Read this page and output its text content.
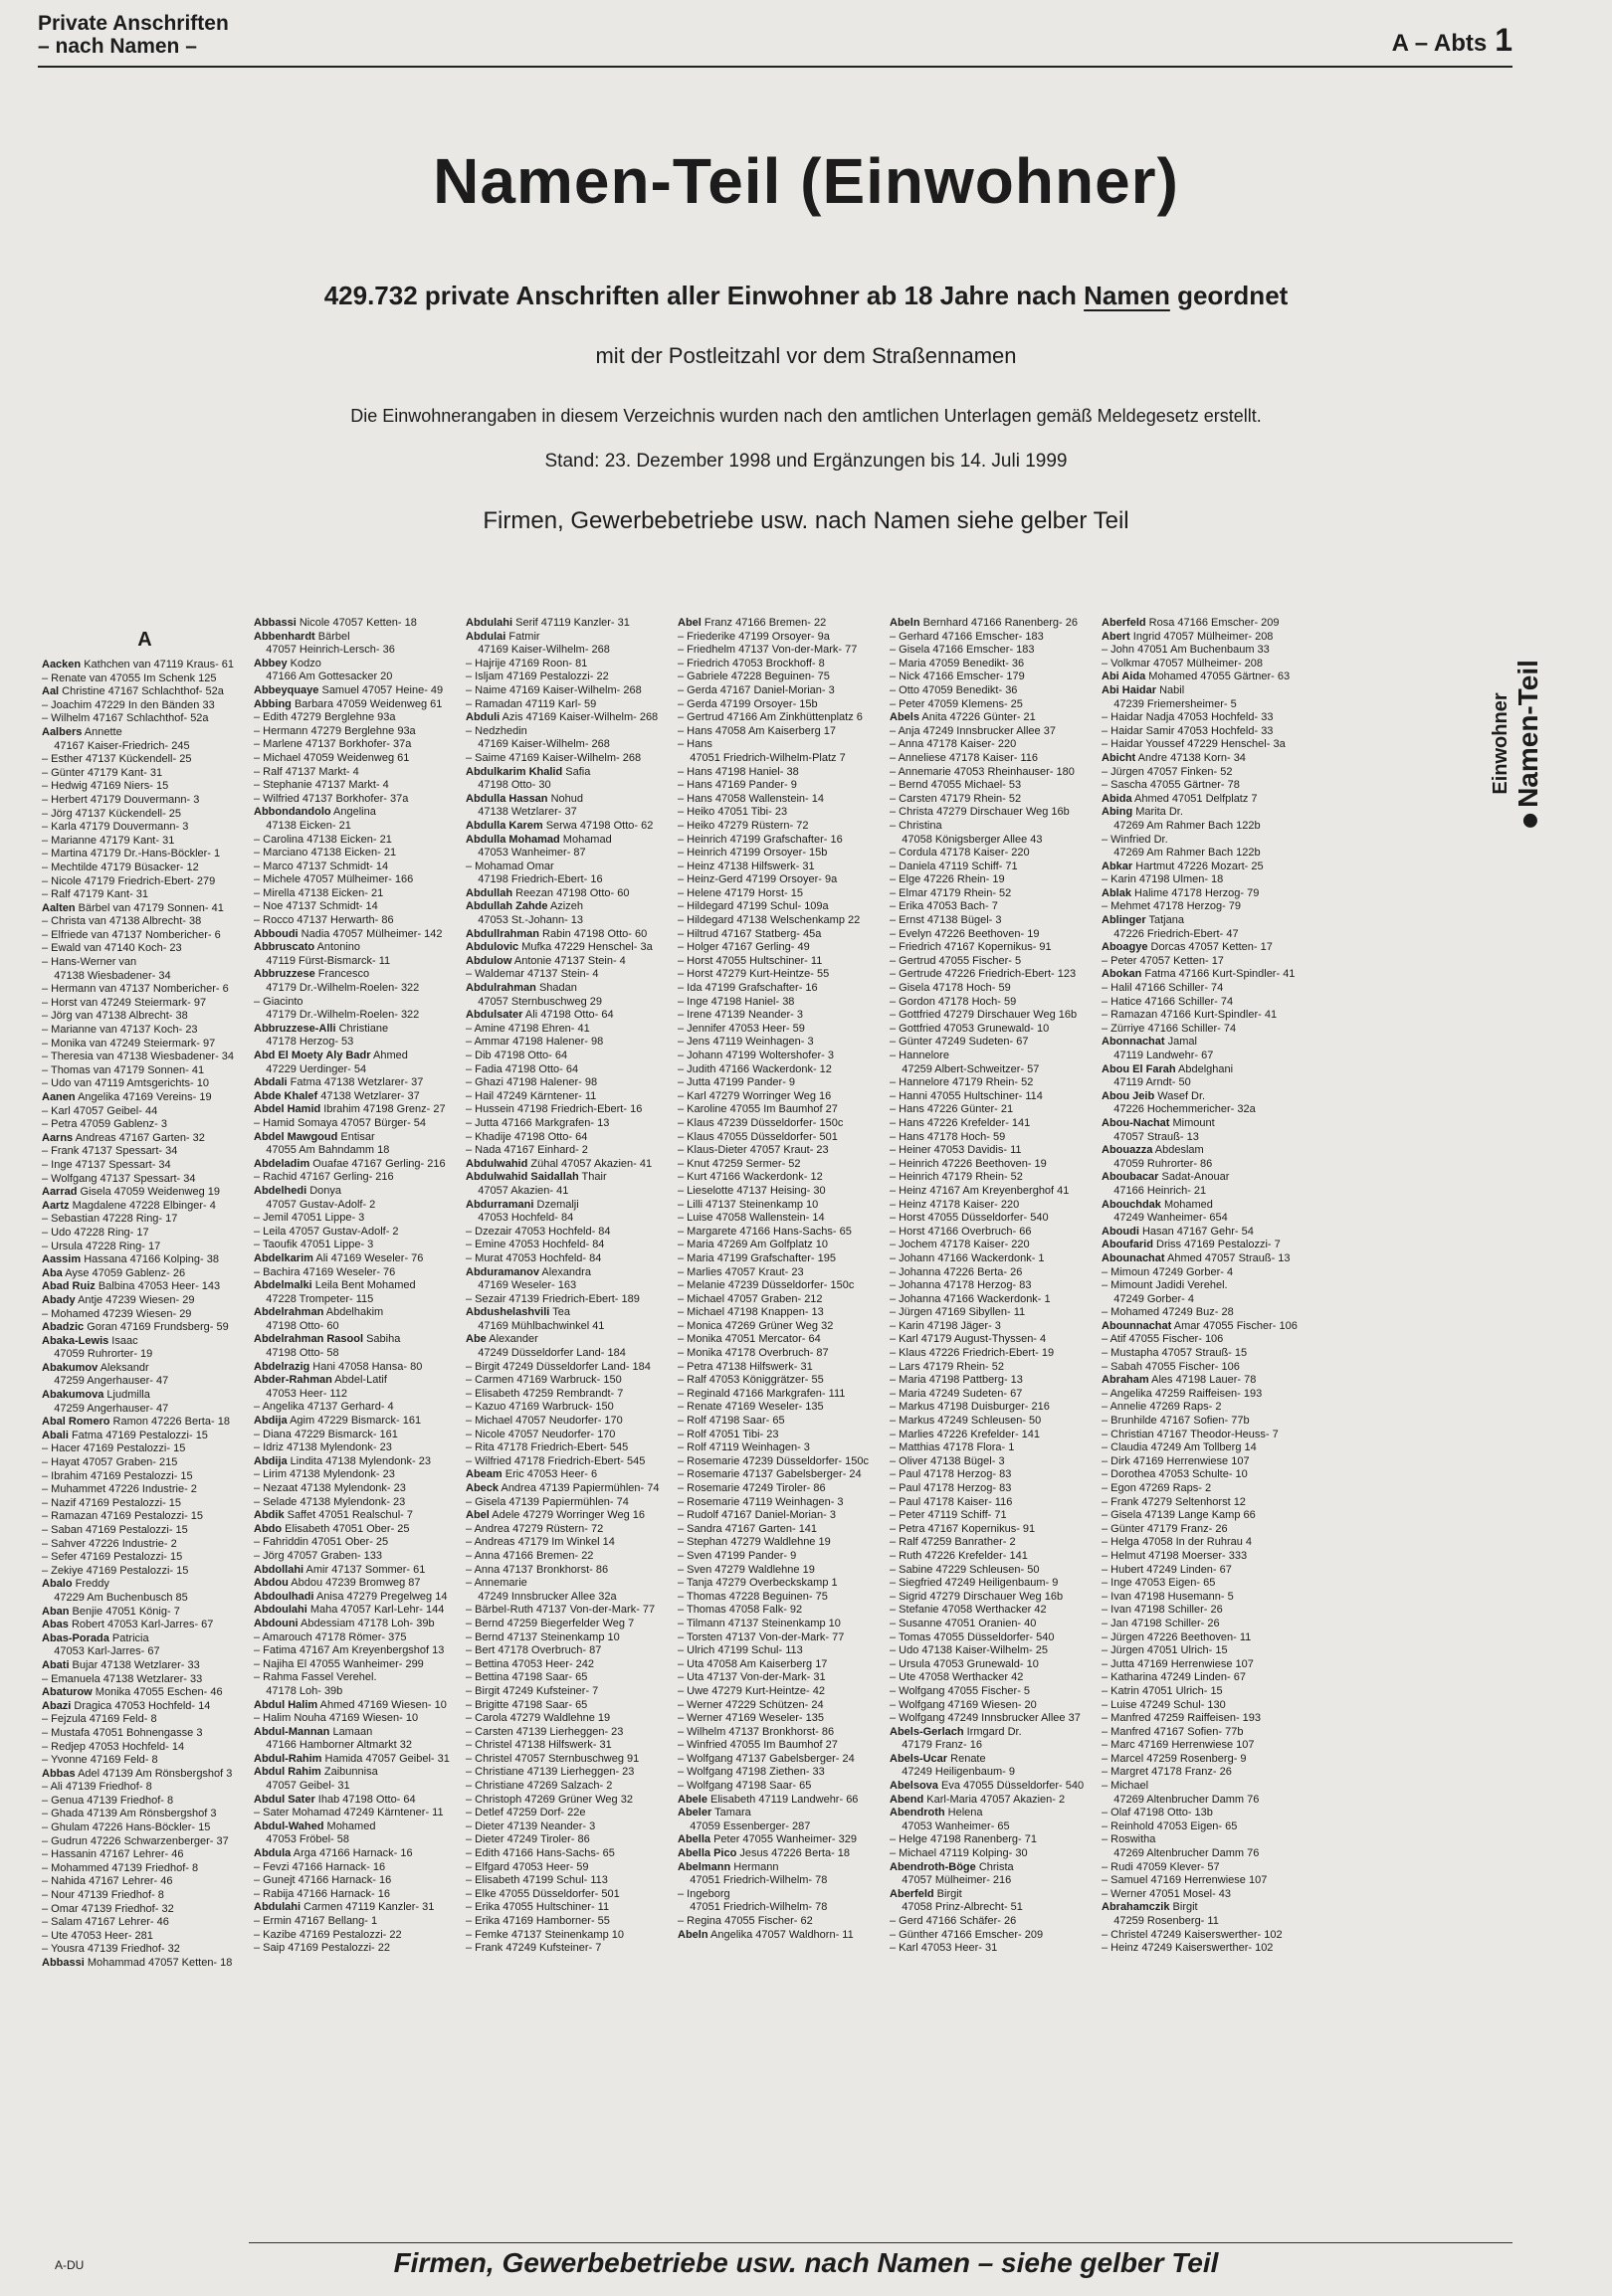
Private Anschriften
– nach Namen –	A – Abts 1
Namen-Teil (Einwohner)
429.732 private Anschriften aller Einwohner ab 18 Jahre nach Namen geordnet
mit der Postleitzahl vor dem Straßennamen
Die Einwohnerangaben in diesem Verzeichnis wurden nach den amtlichen Unterlagen gemäß Meldegesetz erstellt.
Stand: 23. Dezember 1998 und Ergänzungen bis 14. Juli 1999
Firmen, Gewerbebetriebe usw. nach Namen siehe gelber Teil
A
Aacken Kathchen van 47119 Kraus- 61
– Renate van 47055 Im Schenk 125
Aal Christine 47167 Schlachthof- 52a
– Joachim 47229 In den Bänden 33
– Wilhelm 47167 Schlachthof- 52a
Aalbers Annette
47167 Kaiser-Friedrich- 245
– Esther 47137 Kückendell- 25
– Günter 47179 Kant- 31
– Hedwig 47169 Niers- 15
– Herbert 47179 Douvermann- 3
– Jörg 47137 Kückendell- 25
– Karla 47179 Douvermann- 3
– Marianne 47179 Kant- 31
– Martina 47179 Dr.-Hans-Böckler- 1
– Mechtilde 47179 Büsacker- 12
– Nicole 47179 Friedrich-Ebert- 279
– Ralf 47179 Kant- 31
Aalten Bärbel van 47179 Sonnen- 41
– Christa van 47138 Albrecht- 38
– Elfriede van 47137 Nombericher- 6
– Ewald van 47140 Koch- 23
– Hans-Werner van
47138 Wiesbadener- 34
– Hermann van 47137 Nombericher- 6
– Horst van 47249 Steiermark- 97
– Jörg van 47138 Albrecht- 38
– Marianne van 47137 Koch- 23
– Monika van 47249 Steiermark- 97
– Theresia van 47138 Wiesbadener- 34
– Thomas van 47179 Sonnen- 41
– Udo van 47119 Amtsgerichts- 10
Aanen Angelika 47169 Vereins- 19
– Karl 47057 Geibel- 44
– Petra 47059 Gablenz- 3
Aarns Andreas 47167 Garten- 32
– Frank 47137 Spessart- 34
– Inge 47137 Spessart- 34
– Wolfgang 47137 Spessart- 34
Aarrad Gisela 47059 Weidenweg 19
Aartz Magdalene 47228 Elbinger- 4
– Sebastian 47228 Ring- 17
– Udo 47228 Ring- 17
– Ursula 47228 Ring- 17
Aassim Hassana 47166 Kolping- 38
Aba Ayse 47059 Gablenz- 26
Abad Ruiz Balbina 47053 Heer- 143
Abady Antje 47239 Wiesen- 29
– Mohamed 47239 Wiesen- 29
Abadzic Goran 47169 Frundsberg- 59
Abaka-Lewis Isaac
47059 Ruhrorter- 19
Abakumov Aleksandr
47259 Angerhauser- 47
Abakumova Ljudmilla
47259 Angerhauser- 47
Abal Romero Ramon 47226 Berta- 18
Abali Fatma 47169 Pestalozzi- 15
– Hacer 47169 Pestalozzi- 15
– Hayat 47057 Graben- 215
– Ibrahim 47169 Pestalozzi- 15
– Muhammet 47226 Industrie- 2
– Nazif 47169 Pestalozzi- 15
– Ramazan 47169 Pestalozzi- 15
– Saban 47169 Pestalozzi- 15
– Sahver 47226 Industrie- 2
– Sefer 47169 Pestalozzi- 15
– Zekiye 47169 Pestalozzi- 15
Abalo Freddy
47229 Am Buchenbusch 85
Aban Benjie 47051 König- 7
Abas Robert 47053 Karl-Jarres- 67
Abas-Porada Patricia
47053 Karl-Jarres- 67
Abati Bujar 47138 Wetzlarer- 33
– Emanuela 47138 Wetzlarer- 33
Abaturow Monika 47055 Eschen- 46
Abazi Dragica 47053 Hochfeld- 14
– Fejzula 47169 Feld- 8
– Mustafa 47051 Bohnengasse 3
– Redjep 47053 Hochfeld- 14
– Yvonne 47169 Feld- 8
Abbas Adel 47139 Am Rönsbergshof 3
– Ali 47139 Friedhof- 8
– Genua 47139 Friedhof- 8
– Ghada 47139 Am Rönsbergshof 3
– Ghulam 47226 Hans-Böckler- 15
– Gudrun 47226 Schwarzenberger- 37
– Hassanin 47167 Lehrer- 46
– Mohammed 47139 Friedhof- 8
– Nahida 47167 Lehrer- 46
– Nour 47139 Friedhof- 8
– Omar 47139 Friedhof- 32
– Salam 47167 Lehrer- 46
– Ute 47053 Heer- 281
– Yousra 47139 Friedhof- 32
Abbassi Mohammad 47057 Ketten- 18
Abbassi Nicole 47057 Ketten- 18
Abbenhardt Bärbel
47057 Heinrich-Lersch- 36
Abbey Kodzo
47166 Am Gottesacker 20
Abbeyquaye Samuel 47057 Heine- 49
Abbing Barbara 47059 Weidenweg 61
– Edith 47279 Berglehne 93a
– Hermann 47279 Berglehne 93a
– Marlene 47137 Borkhofer- 37a
– Michael 47059 Weidenweg 61
– Ralf 47137 Markt- 4
– Stephanie 47137 Markt- 4
– Wilfried 47137 Borkhofer- 37a
Abbondandolo Angelina
47138 Eicken- 21
– Carolina 47138 Eicken- 21
– Marciano 47138 Eicken- 21
– Marco 47137 Schmidt- 14
– Michele 47057 Mülheimer- 166
– Mirella 47138 Eicken- 21
– Noe 47137 Schmidt- 14
– Rocco 47137 Herwarth- 86
Abboudi Nadia 47057 Mülheimer- 142
Abbruscato Antonino
47119 Fürst-Bismarck- 11
Abbruzzese Francesco
47179 Dr.-Wilhelm-Roelen- 322
– Giacinto
47179 Dr.-Wilhelm-Roelen- 322
Abbruzzese-Alli Christiane
47178 Herzog- 53
Abd El Moety Aly Badr Ahmed
47229 Uerdinger- 54
Abdali Fatma 47138 Wetzlarer- 37
Abde Khalef 47138 Wetzlarer- 37
Abdel Hamid Ibrahim 47198 Grenz- 27
– Hamid Somaya 47057 Bürger- 54
Abdel Mawgoud Entisar
47055 Am Bahndamm 18
Abdeladim Ouafae 47167 Gerling- 216
– Rachid 47167 Gerling- 216
Abdelhedi Donya
47057 Gustav-Adolf- 2
– Jemil 47051 Lippe- 3
– Leila 47057 Gustav-Adolf- 2
– Taoufik 47051 Lippe- 3
Abdelkarim Ali 47169 Weseler- 76
– Bachira 47169 Weseler- 76
Abdelmalki Leila Bent Mohamed
47228 Trompeter- 115
Abdelrahman Abdelhakim
47198 Otto- 60
Abdelrahman Rasool Sabiha
47198 Otto- 58
Abdelrazig Hani 47058 Hansa- 80
Abder-Rahman Abdel-Latif
47053 Heer- 112
– Angelika 47137 Gerhard- 4
Abdija Agim 47229 Bismarck- 161
– Diana 47229 Bismarck- 161
– Idriz 47138 Mylendonk- 23
Abdija Lindita 47138 Mylendonk- 23
– Lirim 47138 Mylendonk- 23
– Nezaat 47138 Mylendonk- 23
– Selade 47138 Mylendonk- 23
Abdik Saffet 47051 Realschul- 7
Abdo Elisabeth 47051 Ober- 25
– Fahriddin 47051 Ober- 25
– Jörg 47057 Graben- 133
Abdollahi Amir 47137 Sommer- 61
Abdou Abdou 47239 Bromweg 87
Abdoulhadi Anisa 47279 Pregelweg 14
Abdoulahi Maha 47057 Karl-Lehr- 144
Abdouni Abdessiam 47178 Loh- 39b
– Amarouch 47178 Römer- 375
– Fatima 47167 Am Kreyenbergshof 13
– Najiha El 47055 Wanheimer- 299
– Rahma Fassel Verehel.
47178 Loh- 39b
Abdul Halim Ahmed 47169 Wiesen- 10
– Halim Nouha 47169 Wiesen- 10
Abdul-Mannan Lamaan
47166 Hamborner Altmarkt 32
Abdul-Rahim Hamida 47057 Geibel- 31
Abdul Rahim Zaibunnisa
47057 Geibel- 31
Abdul Sater Ihab 47198 Otto- 64
– Sater Mohamad 47249 Kärntener- 11
Abdul-Wahed Mohamed
47053 Fröbel- 58
Abdula Arga 47166 Harnack- 16
– Fevzi 47166 Harnack- 16
– Gunejt 47166 Harnack- 16
– Rabija 47166 Harnack- 16
Abdulahi Carmen 47119 Kanzler- 31
– Ermin 47167 Bellang- 1
– Kazibe 47169 Pestalozzi- 22
– Saip 47169 Pestalozzi- 22
Abdulahi Serif 47119 Kanzler- 31
Abdulai Fatmir
47169 Kaiser-Wilhelm- 268
– Hajrije 47169 Roon- 81
– Isljam 47169 Pestalozzi- 22
– Naime 47169 Kaiser-Wilhelm- 268
– Ramadan 47119 Karl- 59
Abduli Azis 47169 Kaiser-Wilhelm- 268
– Nedzhedin
47169 Kaiser-Wilhelm- 268
– Saime 47169 Kaiser-Wilhelm- 268
Abdulkarim Khalid Safia
47198 Otto- 30
Abdulla Hassan Nohud
47138 Wetzlarer- 37
Abdulla Karem Serwa 47198 Otto- 62
Abdulla Mohamad Mohamad
47053 Wanheimer- 87
– Mohamad Omar
47198 Friedrich-Ebert- 16
Abdullah Reezan 47198 Otto- 60
Abdullah Zahde Azizeh
47053 St.-Johann- 13
Abdullrahman Rabin 47198 Otto- 60
Abdulovic Mufka 47229 Henschel- 3a
Abdulow Antonie 47137 Stein- 4
– Waldemar 47137 Stein- 4
Abdulrahman Shadan
47057 Sternbuschweg 29
Abdulsater Ali 47198 Otto- 64
– Amine 47198 Ehren- 41
– Ammar 47198 Halener- 98
– Dib 47198 Otto- 64
– Fadia 47198 Otto- 64
– Ghazi 47198 Halener- 98
– Hail 47249 Kärntener- 11
– Hussein 47198 Friedrich-Ebert- 16
– Jutta 47166 Markgrafen- 13
– Khadije 47198 Otto- 64
– Nada 47167 Einhard- 2
Abdulwahid Zühal 47057 Akazien- 41
Abdulwahid Saidallah Thair
47057 Akazien- 41
Abdurramani Dzemalji
47053 Hochfeld- 84
– Dzezair 47053 Hochfeld- 84
– Emine 47053 Hochfeld- 84
– Murat 47053 Hochfeld- 84
Abduramanov Alexandra
47169 Weseler- 163
– Sezair 47139 Friedrich-Ebert- 189
Abdushelashvili Tea
47169 Mühlbachwinkel 41
Abe Alexander
47249 Düsseldorfer Land- 184
– Birgit 47249 Düsseldorfer Land- 184
– Carmen 47169 Warbruck- 150
– Elisabeth 47259 Rembrandt- 7
– Kazuo 47169 Warbruck- 150
– Michael 47057 Neudorfer- 170
– Nicole 47057 Neudorfer- 170
– Rita 47178 Friedrich-Ebert- 545
– Wilfried 47178 Friedrich-Ebert- 545
Abeam Eric 47053 Heer- 6
Abeck Andrea 47139 Papiermühlen- 74
– Gisela 47139 Papiermühlen- 74
Abel Adele 47279 Worringer Weg 16
– Andrea 47279 Rüstern- 72
– Andreas 47179 Im Winkel 14
– Anna 47166 Bremen- 22
– Anna 47137 Bronkhorst- 86
– Annemarie
47249 Innsbrucker Allee 32a
– Bärbel-Ruth 47137 Von-der-Mark- 77
– Bernd 47259 Biegerfelder Weg 7
– Bernd 47137 Steinenkamp 10
– Bert 47178 Overbruch- 87
– Bettina 47053 Heer- 242
– Bettina 47198 Saar- 65
– Birgit 47249 Kufsteiner- 7
– Brigitte 47198 Saar- 65
– Carola 47279 Waldlehne 19
– Carsten 47139 Lierheggen- 23
– Christel 47138 Hilfswerk- 31
– Christel 47057 Sternbuschweg 91
– Christiane 47139 Lierheggen- 23
– Christiane 47269 Salzach- 2
– Christoph 47269 Grüner Weg 32
– Detlef 47259 Dorf- 22e
– Dieter 47139 Neander- 3
– Dieter 47249 Tiroler- 86
– Edith 47166 Hans-Sachs- 65
– Elfgard 47053 Heer- 59
– Elisabeth 47199 Schul- 113
– Elke 47055 Düsseldorfer- 501
– Erika 47055 Hultschiner- 11
– Erika 47169 Hamborner- 55
– Femke 47137 Steinenkamp 10
– Frank 47249 Kufsteiner- 7
Abel Franz 47166 Bremen- 22
– Friederike 47199 Orsoyer- 9a
– Friedhelm 47137 Von-der-Mark- 77
– Friedrich 47053 Brockhoff- 8
– Gabriele 47228 Beguinen- 75
– Gerda 47167 Daniel-Morian- 3
– Gerda 47199 Orsoyer- 15b
– Gertrud 47166 Am Zinkhüttenplatz 6
– Hans 47058 Am Kaiserberg 17
– Hans
47051 Friedrich-Wilhelm-Platz 7
– Hans 47198 Haniel- 38
– Hans 47169 Pander- 9
– Hans 47058 Wallenstein- 14
– Heiko 47051 Tibi- 23
– Heiko 47279 Rüstern- 72
– Heinrich 47199 Grafschafter- 16
– Heinrich 47199 Orsoyer- 15b
– Heinz 47138 Hilfswerk- 31
– Heinz-Gerd 47199 Orsoyer- 9a
– Helene 47179 Horst- 15
– Hildegard 47199 Schul- 109a
– Hildegard 47138 Welschenkamp 22
– Hiltrud 47167 Statberg- 45a
– Holger 47167 Gerling- 49
– Horst 47055 Hultschiner- 11
– Horst 47279 Kurt-Heintze- 55
– Ida 47199 Grafschafter- 16
– Inge 47198 Haniel- 38
– Irene 47139 Neander- 3
– Jennifer 47053 Heer- 59
– Jens 47119 Weinhagen- 3
– Johann 47199 Woltershofer- 3
– Judith 47166 Wackerdonk- 12
– Jutta 47199 Pander- 9
– Karl 47279 Worringer Weg 16
– Karoline 47055 Im Baumhof 27
– Klaus 47239 Düsseldorfer- 150c
– Klaus 47055 Düsseldorfer- 501
– Klaus-Dieter 47057 Kraut- 23
– Knut 47259 Sermer- 52
– Kurt 47166 Wackerdonk- 12
– Lieselotte 47137 Heising- 30
– Lilli 47137 Steinenkamp 10
– Luise 47058 Wallenstein- 14
– Margarete 47166 Hans-Sachs- 65
– Maria 47269 Am Golfplatz 10
– Maria 47199 Grafschafter- 195
– Marlies 47057 Kraut- 23
– Melanie 47239 Düsseldorfer- 150c
– Michael 47057 Graben- 212
– Michael 47198 Knappen- 13
– Monica 47269 Grüner Weg 32
– Monika 47051 Mercator- 64
– Monika 47178 Overbruch- 87
– Petra 47138 Hilfswerk- 31
– Ralf 47053 Königgrätzer- 55
– Reginald 47166 Markgrafen- 111
– Renate 47169 Weseler- 135
– Rolf 47198 Saar- 65
– Rolf 47051 Tibi- 23
– Rolf 47119 Weinhagen- 3
– Rosemarie 47239 Düsseldorfer- 150c
– Rosemarie 47137 Gabelsberger- 24
– Rosemarie 47249 Tiroler- 86
– Rosemarie 47119 Weinhagen- 3
– Rudolf 47167 Daniel-Morian- 3
– Sandra 47167 Garten- 141
– Stephan 47279 Waldlehne 19
– Sven 47199 Pander- 9
– Sven 47279 Waldlehne 19
– Tanja 47279 Overbeckskamp 1
– Thomas 47228 Beguinen- 75
– Thomas 47058 Falk- 92
– Tilmann 47137 Steinenkamp 10
– Torsten 47137 Von-der-Mark- 77
– Ulrich 47199 Schul- 113
– Uta 47058 Am Kaiserberg 17
– Uta 47137 Von-der-Mark- 31
– Uwe 47279 Kurt-Heintze- 42
– Werner 47229 Schützen- 24
– Werner 47169 Weseler- 135
– Wilhelm 47137 Bronkhorst- 86
– Winfried 47055 Im Baumhof 27
– Wolfgang 47137 Gabelsberger- 24
– Wolfgang 47198 Ziethen- 33
– Wolfgang 47198 Saar- 65
Abele Elisabeth 47119 Landwehr- 66
Abeler Tamara
47059 Essenberger- 287
Abella Peter 47055 Wanheimer- 329
Abella Pico Jesus 47226 Berta- 18
Abelmann Hermann
47051 Friedrich-Wilhelm- 78
– Ingeborg
47051 Friedrich-Wilhelm- 78
– Regina 47055 Fischer- 62
Abeln Angelika 47057 Waldhorn- 11
Abeln Bernhard 47166 Ranenberg- 26
– Gerhard 47166 Emscher- 183
– Gisela 47166 Emscher- 183
– Maria 47059 Benedikt- 36
– Nick 47166 Emscher- 179
– Otto 47059 Benedikt- 36
– Peter 47059 Klemens- 25
Abels Anita 47226 Günter- 21
– Anja 47249 Innsbrucker Allee 37
– Anna 47178 Kaiser- 220
– Anneliese 47178 Kaiser- 116
– Annemarie 47053 Rheinhauser- 180
– Bernd 47055 Michael- 53
– Carsten 47179 Rhein- 52
– Christa 47279 Dirschauer Weg 16b
– Christina
47058 Königsberger Allee 43
– Cordula 47178 Kaiser- 220
– Daniela 47119 Schiff- 71
– Elge 47226 Rhein- 19
– Elmar 47179 Rhein- 52
– Erika 47053 Bach- 7
– Ernst 47138 Bügel- 3
– Evelyn 47226 Beethoven- 19
– Friedrich 47167 Kopernikus- 91
– Gertrud 47055 Fischer- 5
– Gertrude 47226 Friedrich-Ebert- 123
– Gisela 47178 Hoch- 59
– Gordon 47178 Hoch- 59
– Gottfried 47279 Dirschauer Weg 16b
– Gottfried 47053 Grunewald- 10
– Günter 47249 Sudeten- 67
– Hannelore
47259 Albert-Schweitzer- 57
– Hannelore 47179 Rhein- 52
– Hanni 47055 Hultschiner- 114
– Hans 47226 Günter- 21
– Hans 47226 Krefelder- 141
– Hans 47178 Hoch- 59
– Heiner 47053 Davidis- 11
– Heinrich 47226 Beethoven- 19
– Heinrich 47179 Rhein- 52
– Heinz 47167 Am Kreyenberghof 41
– Heinz 47178 Kaiser- 220
– Horst 47055 Düsseldorfer- 540
– Horst 47166 Overbruch- 66
– Jochem 47178 Kaiser- 220
– Johann 47166 Wackerdonk- 1
– Johanna 47226 Berta- 26
– Johanna 47178 Herzog- 83
– Johanna 47166 Wackerdonk- 1
– Jürgen 47169 Sibyllen- 11
– Karin 47198 Jäger- 3
– Karl 47179 August-Thyssen- 4
– Klaus 47226 Friedrich-Ebert- 19
– Lars 47179 Rhein- 52
– Maria 47198 Pattberg- 13
– Maria 47249 Sudeten- 67
– Markus 47198 Duisburger- 216
– Markus 47249 Schleusen- 50
– Marlies 47226 Krefelder- 141
– Matthias 47178 Flora- 1
– Oliver 47138 Bügel- 3
– Paul 47178 Herzog- 83
– Paul 47178 Herzog- 83
– Paul 47178 Kaiser- 116
– Peter 47119 Schiff- 71
– Petra 47167 Kopernikus- 91
– Ralf 47259 Banrather- 2
– Ruth 47226 Krefelder- 141
– Sabine 47229 Schleusen- 50
– Siegfried 47249 Heiligenbaum- 9
– Sigrid 47279 Dirschauer Weg 16b
– Stefanie 47058 Werthacker 42
– Susanne 47051 Oranien- 40
– Tomas 47055 Düsseldorfer- 540
– Udo 47138 Kaiser-Wilhelm- 25
– Ursula 47053 Grunewald- 10
– Ute 47058 Werthacker 42
– Wolfgang 47055 Fischer- 5
– Wolfgang 47169 Wiesen- 20
– Wolfgang 47249 Innsbrucker Allee 37
Abels-Gerlach Irmgard Dr.
47179 Franz- 16
Abels-Ucar Renate
47249 Heiligenbaum- 9
Abelsova Eva 47055 Düsseldorfer- 540
Abend Karl-Maria 47057 Akazien- 2
Abendroth Helena
47053 Wanheimer- 65
– Helge 47198 Ranenberg- 71
– Michael 47119 Kolping- 30
Abendroth-Böge Christa
47057 Mülheimer- 216
Aberfeld Birgit
47058 Prinz-Albrecht- 51
– Gerd 47166 Schäfer- 26
– Günther 47166 Emscher- 209
– Karl 47053 Heer- 31
Aberfeld Rosa 47166 Emscher- 209
Abert Ingrid 47057 Mülheimer- 208
– John 47051 Am Buchenbaum 33
– Volkmar 47057 Mülheimer- 208
Abi Aida Mohamed 47055 Gärtner- 63
Abi Haidar Nabil
47239 Friemersheimer- 5
– Haidar Nadja 47053 Hochfeld- 33
– Haidar Samir 47053 Hochfeld- 33
– Haidar Youssef 47229 Henschel- 3a
Abicht Andre 47138 Korn- 34
– Jürgen 47057 Finken- 52
– Sascha 47055 Gärtner- 78
Abida Ahmed 47051 Delfplatz 7
Abing Marita Dr.
47269 Am Rahmer Bach 122b
– Winfried Dr.
47269 Am Rahmer Bach 122b
Abkar Hartmut 47226 Mozart- 25
– Karin 47198 Ulmen- 18
Ablak Halime 47178 Herzog- 79
– Mehmet 47178 Herzog- 79
Ablinger Tatjana
47226 Friedrich-Ebert- 47
Aboagye Dorcas 47057 Ketten- 17
– Peter 47057 Ketten- 17
Abokan Fatma 47166 Kurt-Spindler- 41
– Halil 47166 Schiller- 74
– Hatice 47166 Schiller- 74
– Ramazan 47166 Kurt-Spindler- 41
– Zürriye 47166 Schiller- 74
Abonnachat Jamal
47119 Landwehr- 67
Abou El Farah Abdelghani
47119 Arndt- 50
Abou Jeib Wasef Dr.
47226 Hochemmericher- 32a
Abou-Nachat Mimount
47057 Strauß- 13
Abouazza Abdeslam
47059 Ruhrorter- 86
Aboubacar Sadat-Anouar
47166 Heinrich- 21
Abouchdak Mohamed
47249 Wanheimer- 654
Aboudi Hasan 47167 Gehr- 54
Aboufarid Driss 47169 Pestalozzi- 7
Abounachat Ahmed 47057 Strauß- 13
– Mimoun 47249 Gorber- 4
– Mimount Jadidi Verehel.
47249 Gorber- 4
– Mohamed 47249 Buz- 28
Abounnachat Amar 47055 Fischer- 106
– Atif 47055 Fischer- 106
– Mustapha 47057 Strauß- 15
– Sabah 47055 Fischer- 106
Abraham Ales 47198 Lauer- 78
– Angelika 47259 Raiffeisen- 193
– Annelie 47269 Raps- 2
– Brunhilde 47167 Sofien- 77b
– Christian 47167 Theodor-Heuss- 7
– Claudia 47249 Am Tollberg 14
– Dirk 47169 Herrenwiese 107
– Dorothea 47053 Schulte- 10
– Egon 47269 Raps- 2
– Frank 47279 Seltenhorst 12
– Gisela 47139 Lange Kamp 66
– Günter 47179 Franz- 26
– Helga 47058 In der Ruhrau 4
– Helmut 47198 Moerser- 333
– Hubert 47249 Linden- 67
– Inge 47053 Eigen- 65
– Ivan 47198 Husemann- 5
– Ivan 47198 Schiller- 26
– Jan 47198 Schiller- 26
– Jürgen 47226 Beethoven- 11
– Jürgen 47051 Ulrich- 15
– Jutta 47169 Herrenwiese 107
– Katharina 47249 Linden- 67
– Katrin 47051 Ulrich- 15
– Luise 47249 Schul- 130
– Manfred 47259 Raiffeisen- 193
– Manfred 47167 Sofien- 77b
– Marc 47169 Herrenwiese 107
– Marcel 47259 Rosenberg- 9
– Margret 47178 Franz- 26
– Michael
47269 Altenbrucher Damm 76
– Olaf 47198 Otto- 13b
– Reinhold 47053 Eigen- 65
– Roswitha
47269 Altenbrucher Damm 76
– Rudi 47059 Klever- 57
– Samuel 47169 Herrenwiese 107
– Werner 47051 Mosel- 43
Abrahamczik Birgit
47259 Rosenberg- 11
– Christel 47249 Kaiserswerther- 102
– Heinz 47249 Kaiserswerther- 102
Einwohner Namen-Teil
Firmen, Gewerbebetriebe usw. nach Namen – siehe gelber Teil
A-DU
